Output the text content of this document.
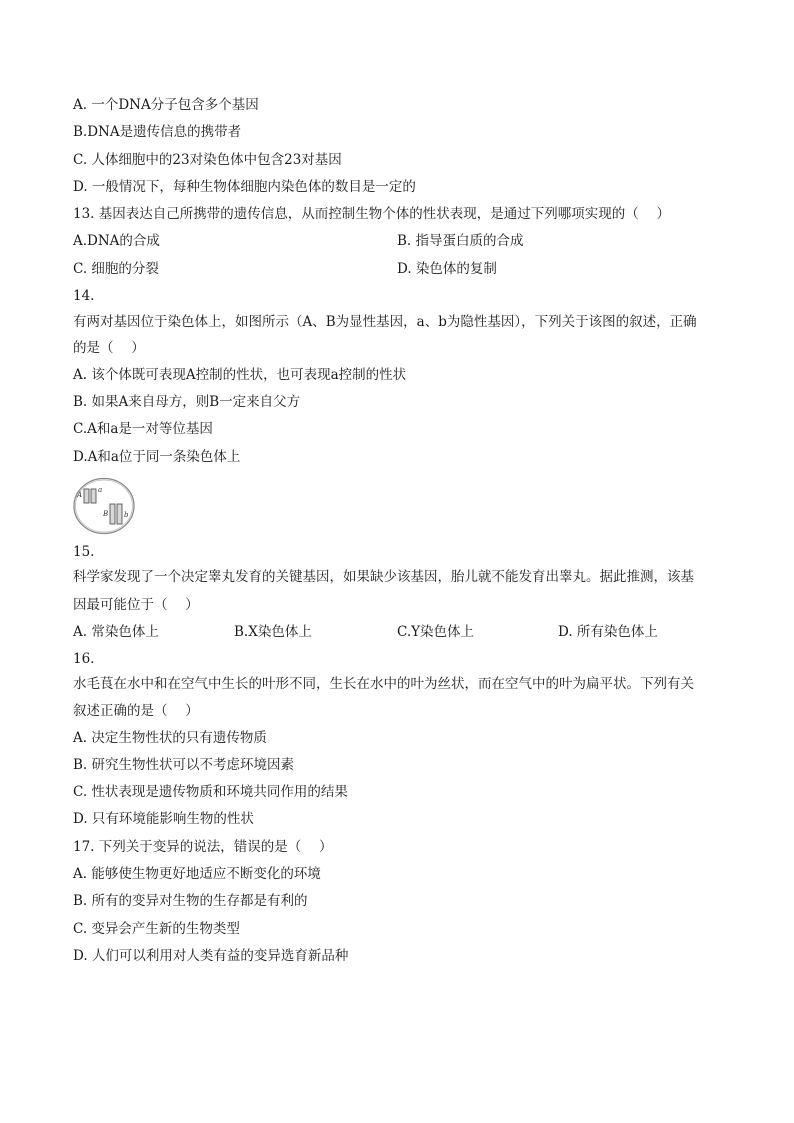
A. 一个DNA分子包含多个基因
B.DNA是遗传信息的携带者
C. 人体细胞中的23对染色体中包含23对基因
D. 一般情况下，每种生物体细胞内染色体的数目是一定的
13. 基因表达自己所携带的遗传信息，从而控制生物个体的性状表现，是通过下列哪项实现的（　 ）
A.DNA的合成	B. 指导蛋白质的合成
C. 细胞的分裂	D. 染色体的复制
14.
有两对基因位于染色体上，如图所示（A、B为显性基因，a、b为隐性基因），下列关于该图的叙述，正确
的是（　 ）
A. 该个体既可表现A控制的性状，也可表现a控制的性状
B. 如果A来自母方，则B一定来自父方
C.A和a是一对等位基因
D.A和a位于同一条染色体上
A
a
B b
15.
科学家发现了一个决定睾丸发育的关键基因，如果缺少该基因，胎儿就不能发育出睾丸。据此推测，该基
因最可能位于（　 ）
A. 常染色体上	B.X染色体上	C.Y染色体上	D. 所有染色体上
16.
水毛茛在水中和在空气中生长的叶形不同，生长在水中的叶为丝状，而在空气中的叶为扁平状。下列有关
叙述正确的是（　 ）
A. 决定生物性状的只有遗传物质
B. 研究生物性状可以不考虑环境因素
C. 性状表现是遗传物质和环境共同作用的结果
D. 只有环境能影响生物的性状
17. 下列关于变异的说法，错误的是（　 ）
A. 能够使生物更好地适应不断变化的环境
B. 所有的变异对生物的生存都是有利的
C. 变异会产生新的生物类型
D. 人们可以利用对人类有益的变异选育新品种
